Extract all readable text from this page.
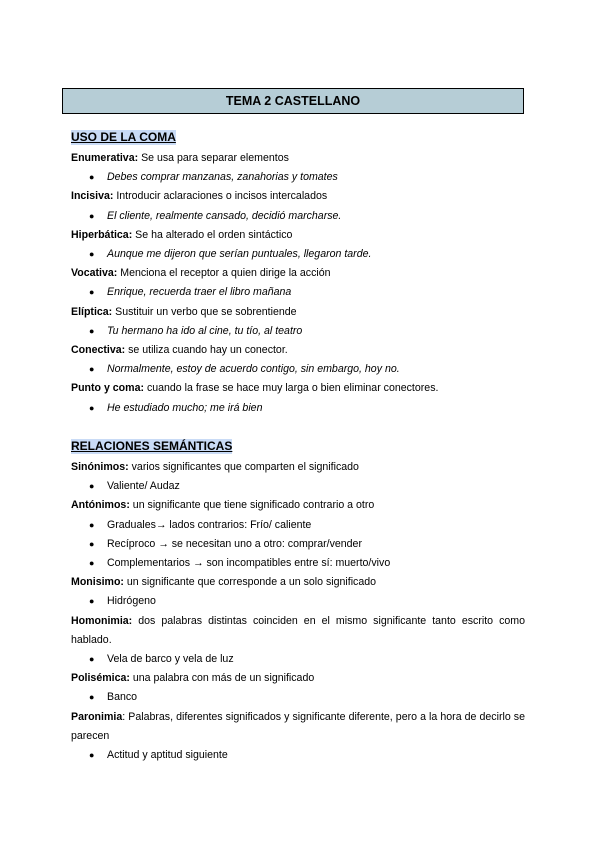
TEMA 2 CASTELLANO
USO DE LA COMA
Enumerativa: Se usa para separar elementos
● Debes comprar manzanas, zanahorias y tomates
Incisiva: Introducir aclaraciones o incisos intercalados
● El cliente, realmente cansado, decidió marcharse.
Hiperbática: Se ha alterado el orden sintáctico
● Aunque me dijeron que serían puntuales, llegaron tarde.
Vocativa: Menciona el receptor a quien dirige la acción
● Enrique, recuerda traer el libro mañana
Elíptica: Sustituir un verbo que se sobrentiende
● Tu hermano ha ido al cine, tu tío, al teatro
Conectiva: se utiliza cuando hay un conector.
● Normalmente, estoy de acuerdo contigo, sin embargo, hoy no.
Punto y coma: cuando la frase se hace muy larga o bien eliminar conectores.
● He estudiado mucho; me irá bien
RELACIONES SEMÁNTICAS
Sinónimos: varios significantes que comparten el significado
● Valiente/ Audaz
Antónimos: un significante que tiene significado contrario a otro
● Graduales→ lados contrarios: Frío/ caliente
● Recíproco → se necesitan uno a otro: comprar/vender
● Complementarios → son incompatibles entre sí: muerto/vivo
Monisimo: un significante que corresponde a un solo significado
● Hidrógeno
Homonimia: dos palabras distintas coinciden en el mismo significante tanto escrito como hablado.
● Vela de barco y vela de luz
Polisémica: una palabra con más de un significado
● Banco
Paronimia: Palabras, diferentes significados y significante diferente, pero a la hora de decirlo se parecen
● Actitud y aptitud siguiente
